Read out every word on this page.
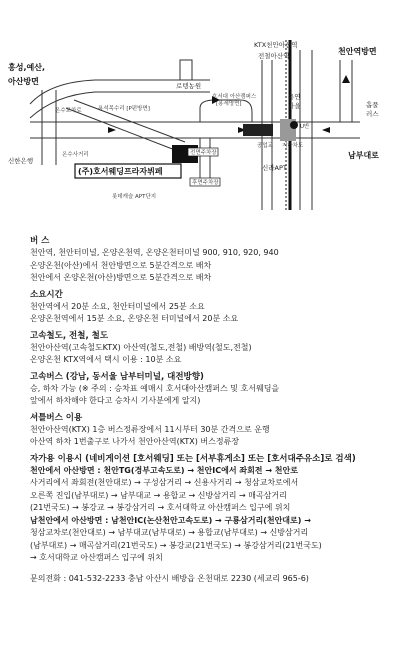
홍성,예산,
아산방면
온수교차로	용석목수리 [P펀방면]
로텡농원
호서대 아산캠퍼스
[용세명면]
KTX천안아산역
전철아산역	천안역방면
용연
마을
U반
홉풀
러스
공업교 지하차도
신한은행
온수사거리	전면주차장
(주)호서웨딩프라자뷔페
후면주차장
신라APT
롯데캐슬 APT단지
남부대로
버 스
천안역, 천안터미널, 온양온천역, 온양온천터미널 900, 910, 920, 940
온양온천(아산)에서 천안방면으로 5분간격으로 배차
천안에서 온양온천(아산)방면으로 5분간격으로 배차
소요시간
천안역에서 20분 소요, 천안터미널에서 25분 소요
온양온천역에서 15분 소요, 온양온천 터미널에서 20분 소요
고속철도, 전철, 철도
천안아산역(고속철도KTX) 아산역(철도,전철) 배방역(철도,전철)
온양온천 KTX역에서 택시 이용 : 10분 소요
고속버스 (강남, 동서울 남부터미널, 대전방향)
승, 하차 가능 (※ 주의 : 승차표 예매시 호서대아산캠퍼스 및 호서웨딩을
앞에서 하차해야 한다고 승차시 기사분에게 알지)
셔틀버스 이용
천안아산역(KTX) 1층 버스정류장에서 11시부터 30분 간격으로 운행
아산역 하차 1번출구로 나가서 천안아산역(KTX) 버스정류장
자가용 이용시 (네비게이션 [호서웨딩] 또는 [서부휴게소] 또는 [호서대주유소]로 검색)
천안에서 아산방면 : 천안TG(경부고속도로) → 천안IC에서 좌회전 → 천안로
사거리에서 좌회전(천안대로) → 구성삼거리 → 신용사거리 → 청삼교차로에서
오른쪽 진입(남부대로) → 남부대교 → 용합교 → 신방삼거리 → 매곡삼거리
(21번국도) → 봉강교 → 봉강삼거리 → 호서대학교 아산캠퍼스 입구에 위치
남천안에서 아산방면 : 남천안IC(논산천안고속도로) → 구룡삼거리(천안대로) →
청삼교차로(천안대로) → 남부대교(남부대로) → 용합교(남부대로) → 신방삼거리
(남부대로) → 매곡삼거리(21번국도) → 봉강교(21번국도) → 봉강삼거리(21번국도)
→ 호서대학교 아산캠퍼스 입구에 위치
문의전화 : 041-532-2233 충남 아산시 배방읍 온천대로 2230 (세교리 965-6)
